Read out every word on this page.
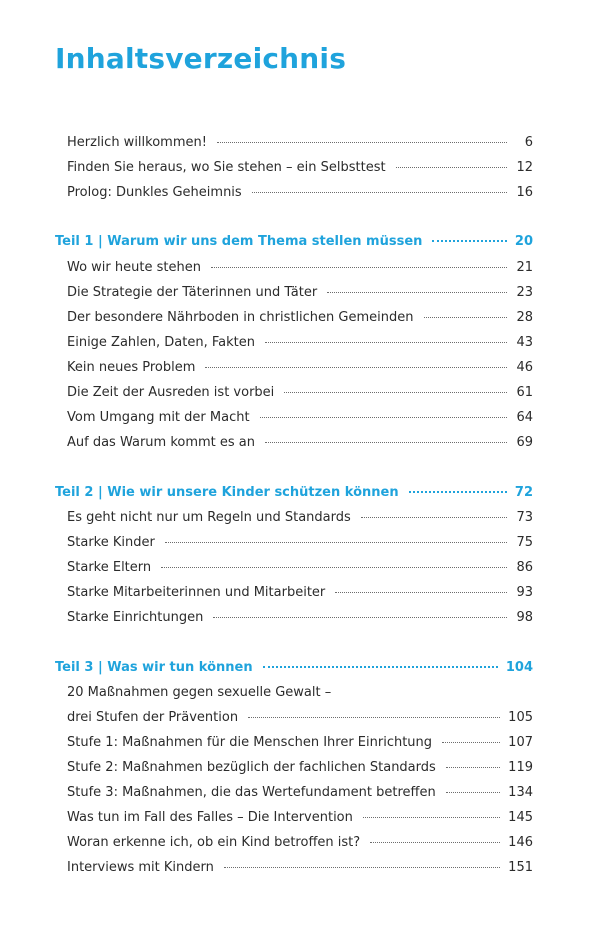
Inhaltsverzeichnis
Herzlich willkommen!	6
Finden Sie heraus, wo Sie stehen – ein Selbsttest	12
Prolog: Dunkles Geheimnis	16
Teil 1 | Warum wir uns dem Thema stellen müssen	20
Wo wir heute stehen	21
Die Strategie der Täterinnen und Täter	23
Der besondere Nährboden in christlichen Gemeinden	28
Einige Zahlen, Daten, Fakten	43
Kein neues Problem	46
Die Zeit der Ausreden ist vorbei	61
Vom Umgang mit der Macht	64
Auf das Warum kommt es an	69
Teil 2 | Wie wir unsere Kinder schützen können	72
Es geht nicht nur um Regeln und Standards	73
Starke Kinder	75
Starke Eltern	86
Starke Mitarbeiterinnen und Mitarbeiter	93
Starke Einrichtungen	98
Teil 3 | Was wir tun können	104
20 Maßnahmen gegen sexuelle Gewalt –
drei Stufen der Prävention	105
Stufe 1: Maßnahmen für die Menschen Ihrer Einrichtung	107
Stufe 2: Maßnahmen bezüglich der fachlichen Standards	119
Stufe 3: Maßnahmen, die das Wertefundament betreffen	134
Was tun im Fall des Falles – Die Intervention	145
Woran erkenne ich, ob ein Kind betroffen ist?	146
Interviews mit Kindern	151
